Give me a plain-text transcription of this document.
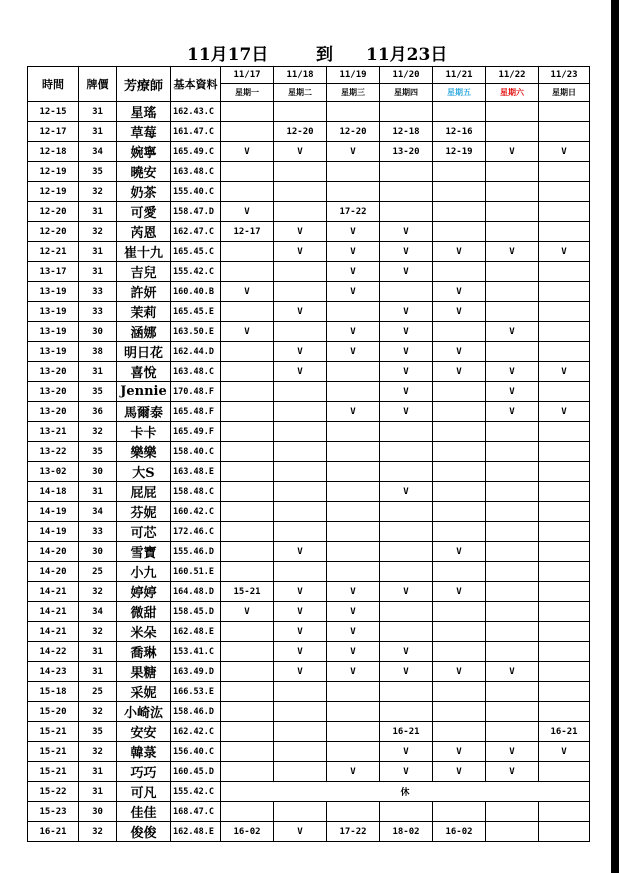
11月17日	到 11月23日
時間	牌價	芳療師	基本資料	11/17	11/18	11/19	11/20	11/21	11/22	11/23
				星期一	星期二	星期三	星期四	星期五	星期六	星期日
12-15	31	星瑤	162.43.C							
12-17	31	草莓	161.47.C		12-20	12-20	12-18	12-16		
12-18	34	婉寧	165.49.C	V	V	V	13-20	12-19	V	V
12-19	35	曉安	163.48.C							
12-19	32	奶茶	155.40.C							
12-20	31	可愛	158.47.D	V		17-22				
12-20	32	芮恩	162.47.C	12-17	V	V	V			
12-21	31	崔十九	165.45.C		V	V	V	V	V	V
13-17	31	吉兒	155.42.C			V	V			
13-19	33	許妍	160.40.B	V		V		V		
13-19	33	茉莉	165.45.E		V		V	V		
13-19	30	涵娜	163.50.E	V		V	V		V	
13-19	38	明日花	162.44.D		V	V	V	V		
13-20	31	喜悅	163.48.C		V		V	V	V	V
13-20	35	Jennie	170.48.F				V		V	
13-20	36	馬爾泰	165.48.F			V	V		V	V
13-21	32	卡卡	165.49.F							
13-22	35	樂樂	158.40.C							
13-02	30	大S	163.48.E							
14-18	31	屁屁	158.48.C				V			
14-19	34	芬妮	160.42.C							
14-19	33	可芯	172.46.C							
14-20	30	雪寶	155.46.D		V			V		
14-20	25	小九	160.51.E							
14-21	32	婷婷	164.48.D	15-21	V	V	V	V		
14-21	34	微甜	158.45.D	V	V	V				
14-21	32	米朵	162.48.E		V	V				
14-22	31	喬琳	153.41.C		V	V	V			
14-23	31	果糖	163.49.D		V	V	V	V	V	
15-18	25	采妮	166.53.E							
15-20	32	小崎汯	158.46.D							
15-21	35	安安	162.42.C				16-21			16-21
15-21	32	韓菉	156.40.C				V	V	V	V
15-21	31	巧巧	160.45.D			V	V	V	V	
15-22	31	可凡	155.42.C	休						
15-23	30	佳佳	168.47.C							
16-21	32	俊俊	162.48.E	16-02	V	17-22	18-02	16-02		
